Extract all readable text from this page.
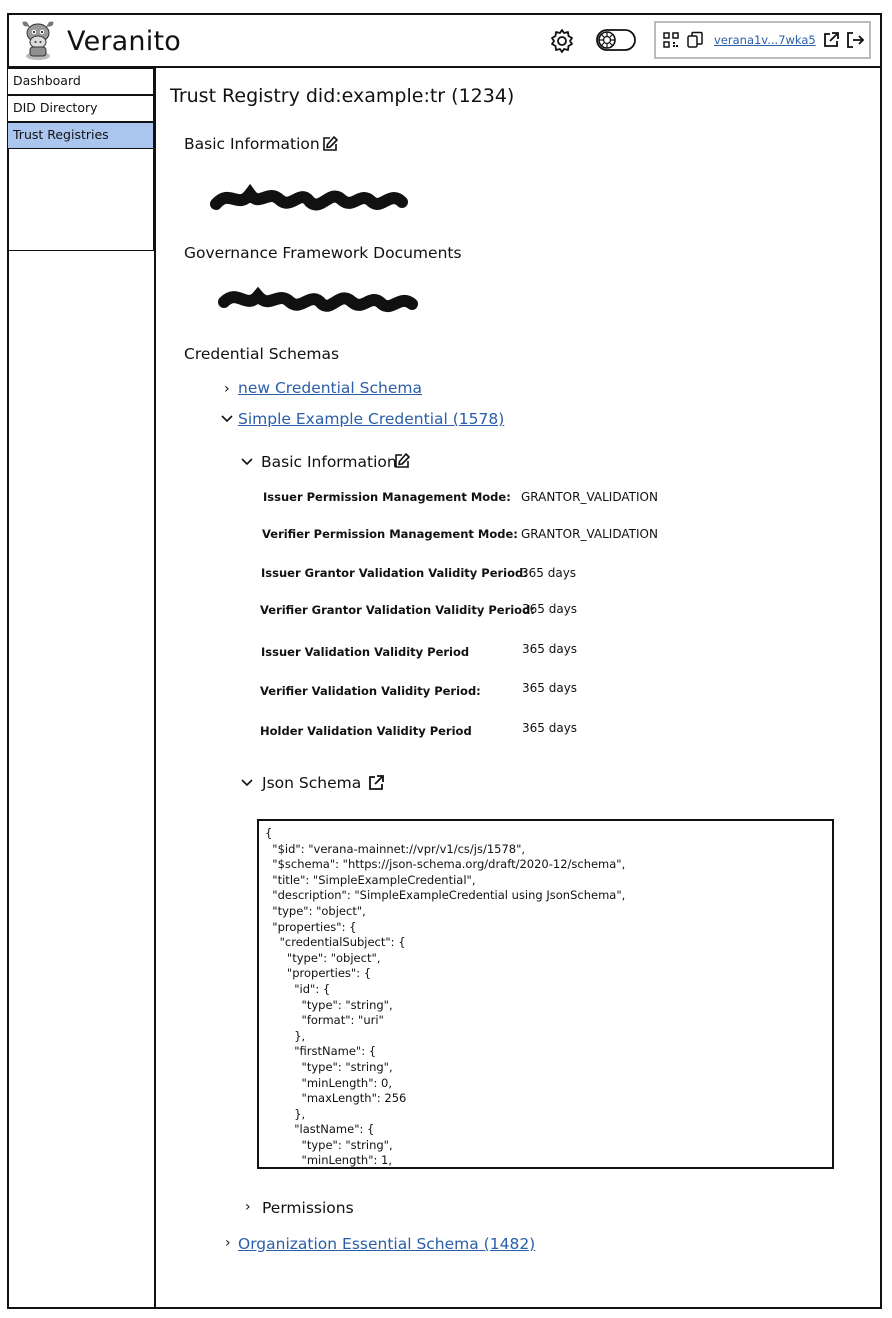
Veranito	verana1v...7wka5
Dashboard
DID Directory
Trust Registries
Trust Registry did:example:tr (1234)
Basic Information
Governance Framework Documents
Credential Schemas
› new Credential Schema
Simple Example Credential (1578)
Basic Information
Issuer Permission Management Mode: GRANTOR_VALIDATION
Verifier Permission Management Mode: GRANTOR_VALIDATION
Issuer Grantor Validation Validity Period:
365 days
Verifier Grantor Validation Validity Period:
365 days
Issuer Validation Validity Period	365 days
Verifier Validation Validity Period:	365 days
Holder Validation Validity Period	365 days
Json Schema
{
"$id": "verana-mainnet://vpr/v1/cs/js/1578",
"$schema": "https://json-schema.org/draft/2020-12/schema",
"title": "SimpleExampleCredential",
"description": "SimpleExampleCredential using JsonSchema",
"type": "object",
"properties": {
"credentialSubject": {
"type": "object",
"properties": {
"id": {
"type": "string",
"format": "uri"
},
"firstName": {
"type": "string",
"minLength": 0,
"maxLength": 256
},
"lastName": {
"type": "string",
"minLength": 1,
› Permissions
› Organization Essential Schema (1482)
